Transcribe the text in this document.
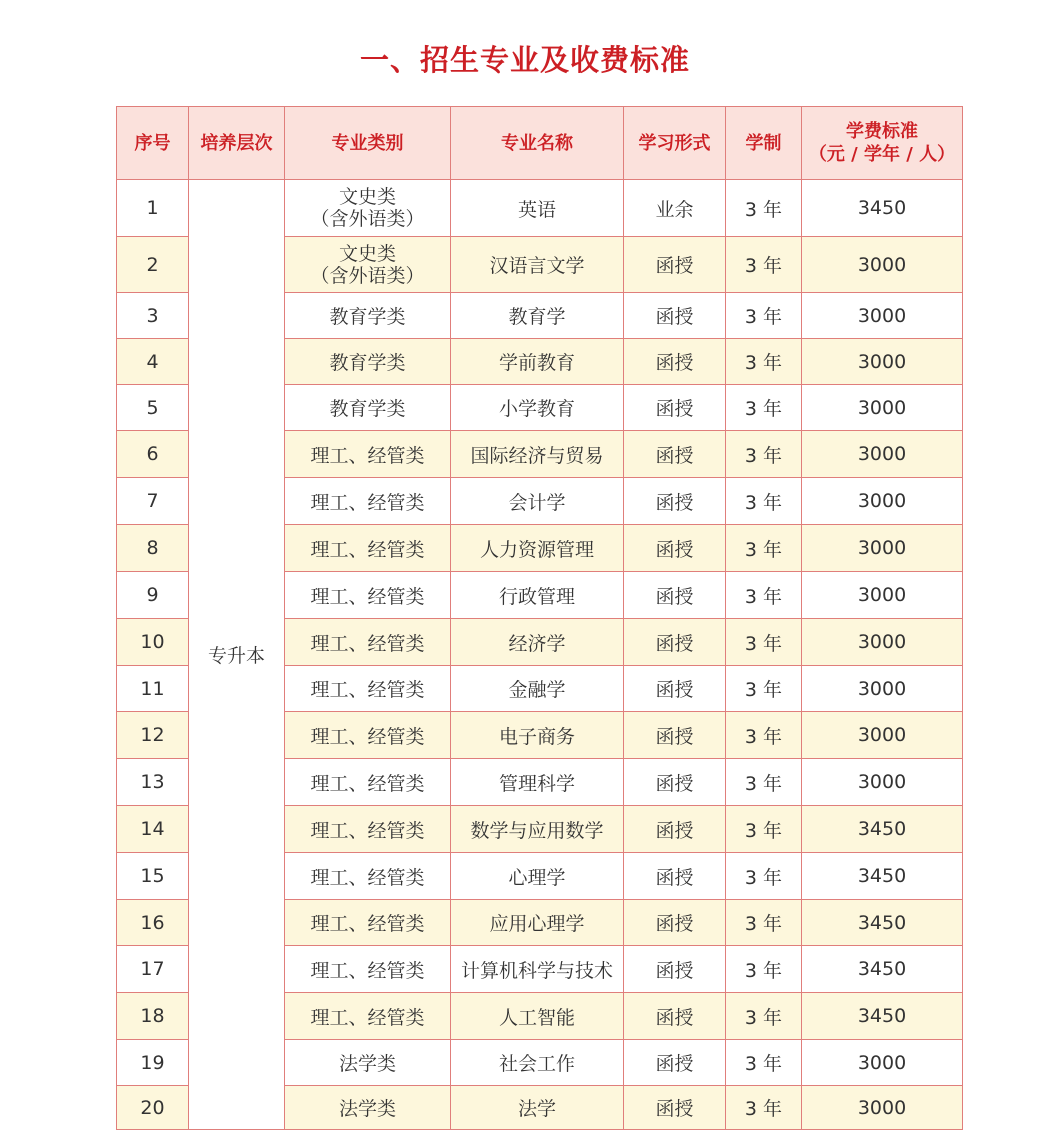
一、招生专业及收费标准
序号	培养层次	专业类别	专业名称	学习形式	学制	学费标准
（元 / 学年 / 人）

1	专升本	文史类
（含外语类）	英语	业余	3 年	3450
2		文史类
（含外语类）	汉语言文学	函授	3 年	3000
3		教育学类	教育学	函授	3 年	3000
4		教育学类	学前教育	函授	3 年	3000
5		教育学类	小学教育	函授	3 年	3000
6		理工、经管类	国际经济与贸易	函授	3 年	3000
7		理工、经管类	会计学	函授	3 年	3000
8		理工、经管类	人力资源管理	函授	3 年	3000
9		理工、经管类	行政管理	函授	3 年	3000
10		理工、经管类	经济学	函授	3 年	3000
11		理工、经管类	金融学	函授	3 年	3000
12		理工、经管类	电子商务	函授	3 年	3000
13		理工、经管类	管理科学	函授	3 年	3000
14		理工、经管类	数学与应用数学	函授	3 年	3450
15		理工、经管类	心理学	函授	3 年	3450
16		理工、经管类	应用心理学	函授	3 年	3450
17		理工、经管类	计算机科学与技术	函授	3 年	3450
18		理工、经管类	人工智能	函授	3 年	3450
19		法学类	社会工作	函授	3 年	3000
20		法学类	法学	函授	3 年	3000
